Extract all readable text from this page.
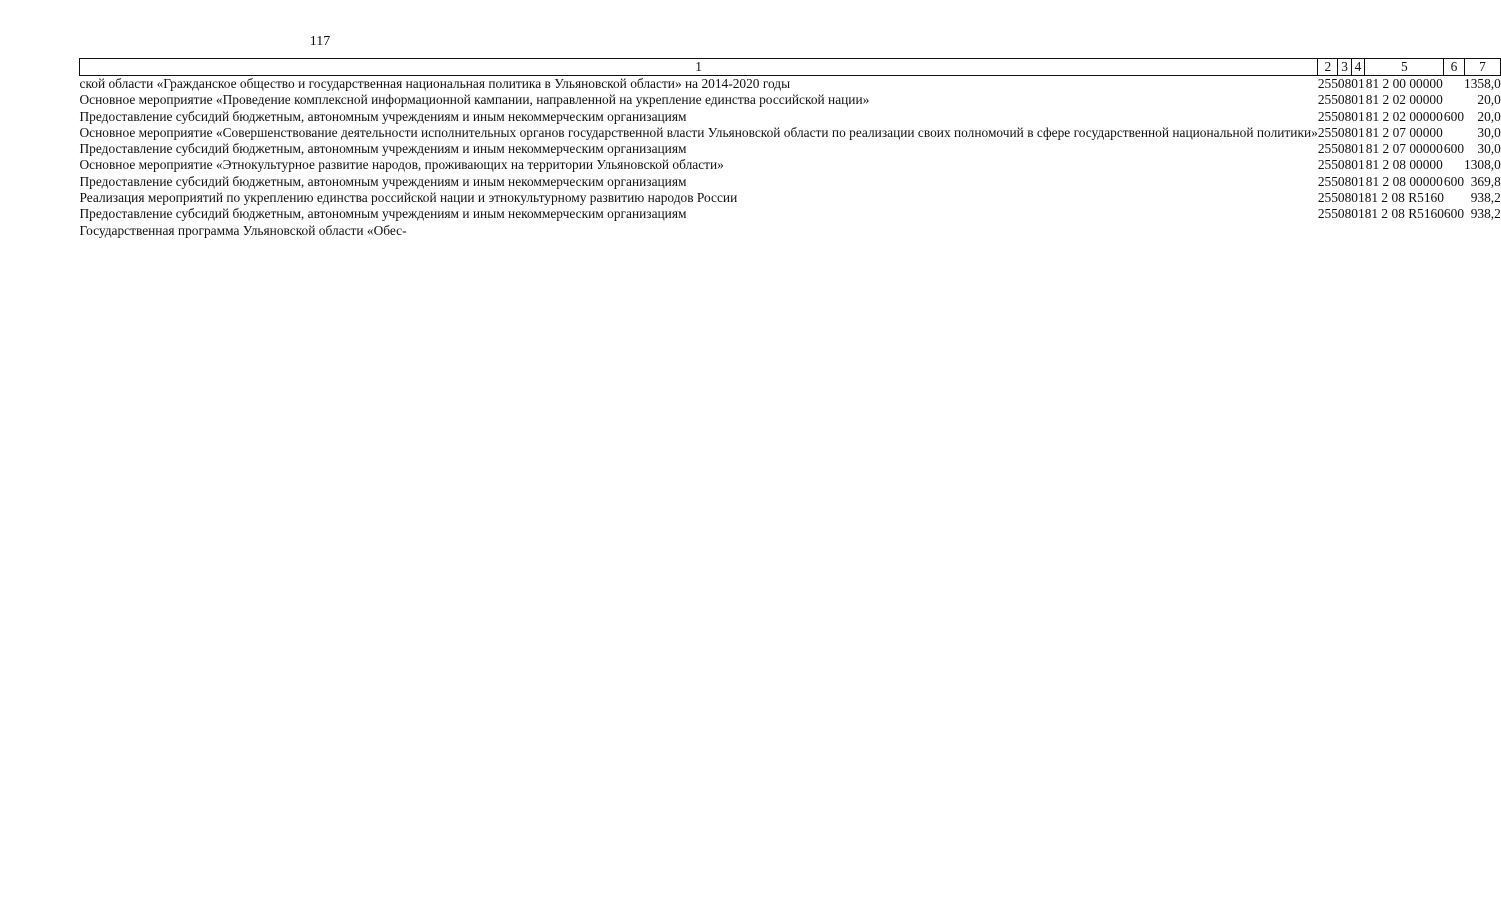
117
1	2	3	4	5	6	7
ской области «Гражданское общество и государственная национальная политика в Ульяновской области» на 2014-2020 годы	255	08	01	81 2 00 00000		1358,0
Основное мероприятие «Проведение комплексной информационной кампании, направленной на укрепление единства российской нации»	255	08	01	81 2 02 00000		20,0
Предоставление субсидий бюджетным, автономным учреждениям и иным некоммерческим организациям	255	08	01	81 2 02 00000	600	20,0
Основное мероприятие «Совершенствование деятельности исполнительных органов государственной власти Ульяновской области по реализации своих полномочий в сфере государственной национальной политики»	255	08	01	81 2 07 00000		30,0
Предоставление субсидий бюджетным, автономным учреждениям и иным некоммерческим организациям	255	08	01	81 2 07 00000	600	30,0
Основное мероприятие «Этнокультурное развитие народов, проживающих на территории Ульяновской области»	255	08	01	81 2 08 00000		1308,0
Предоставление субсидий бюджетным, автономным учреждениям и иным некоммерческим организациям	255	08	01	81 2 08 00000	600	369,8
Реализация мероприятий по укреплению единства российской нации и этнокультурному развитию народов России	255	08	01	81 2 08 R5160		938,2
Предоставление субсидий бюджетным, автономным учреждениям и иным некоммерческим организациям	255	08	01	81 2 08 R5160	600	938,2
Государственная программа Ульяновской области «Обес-						
